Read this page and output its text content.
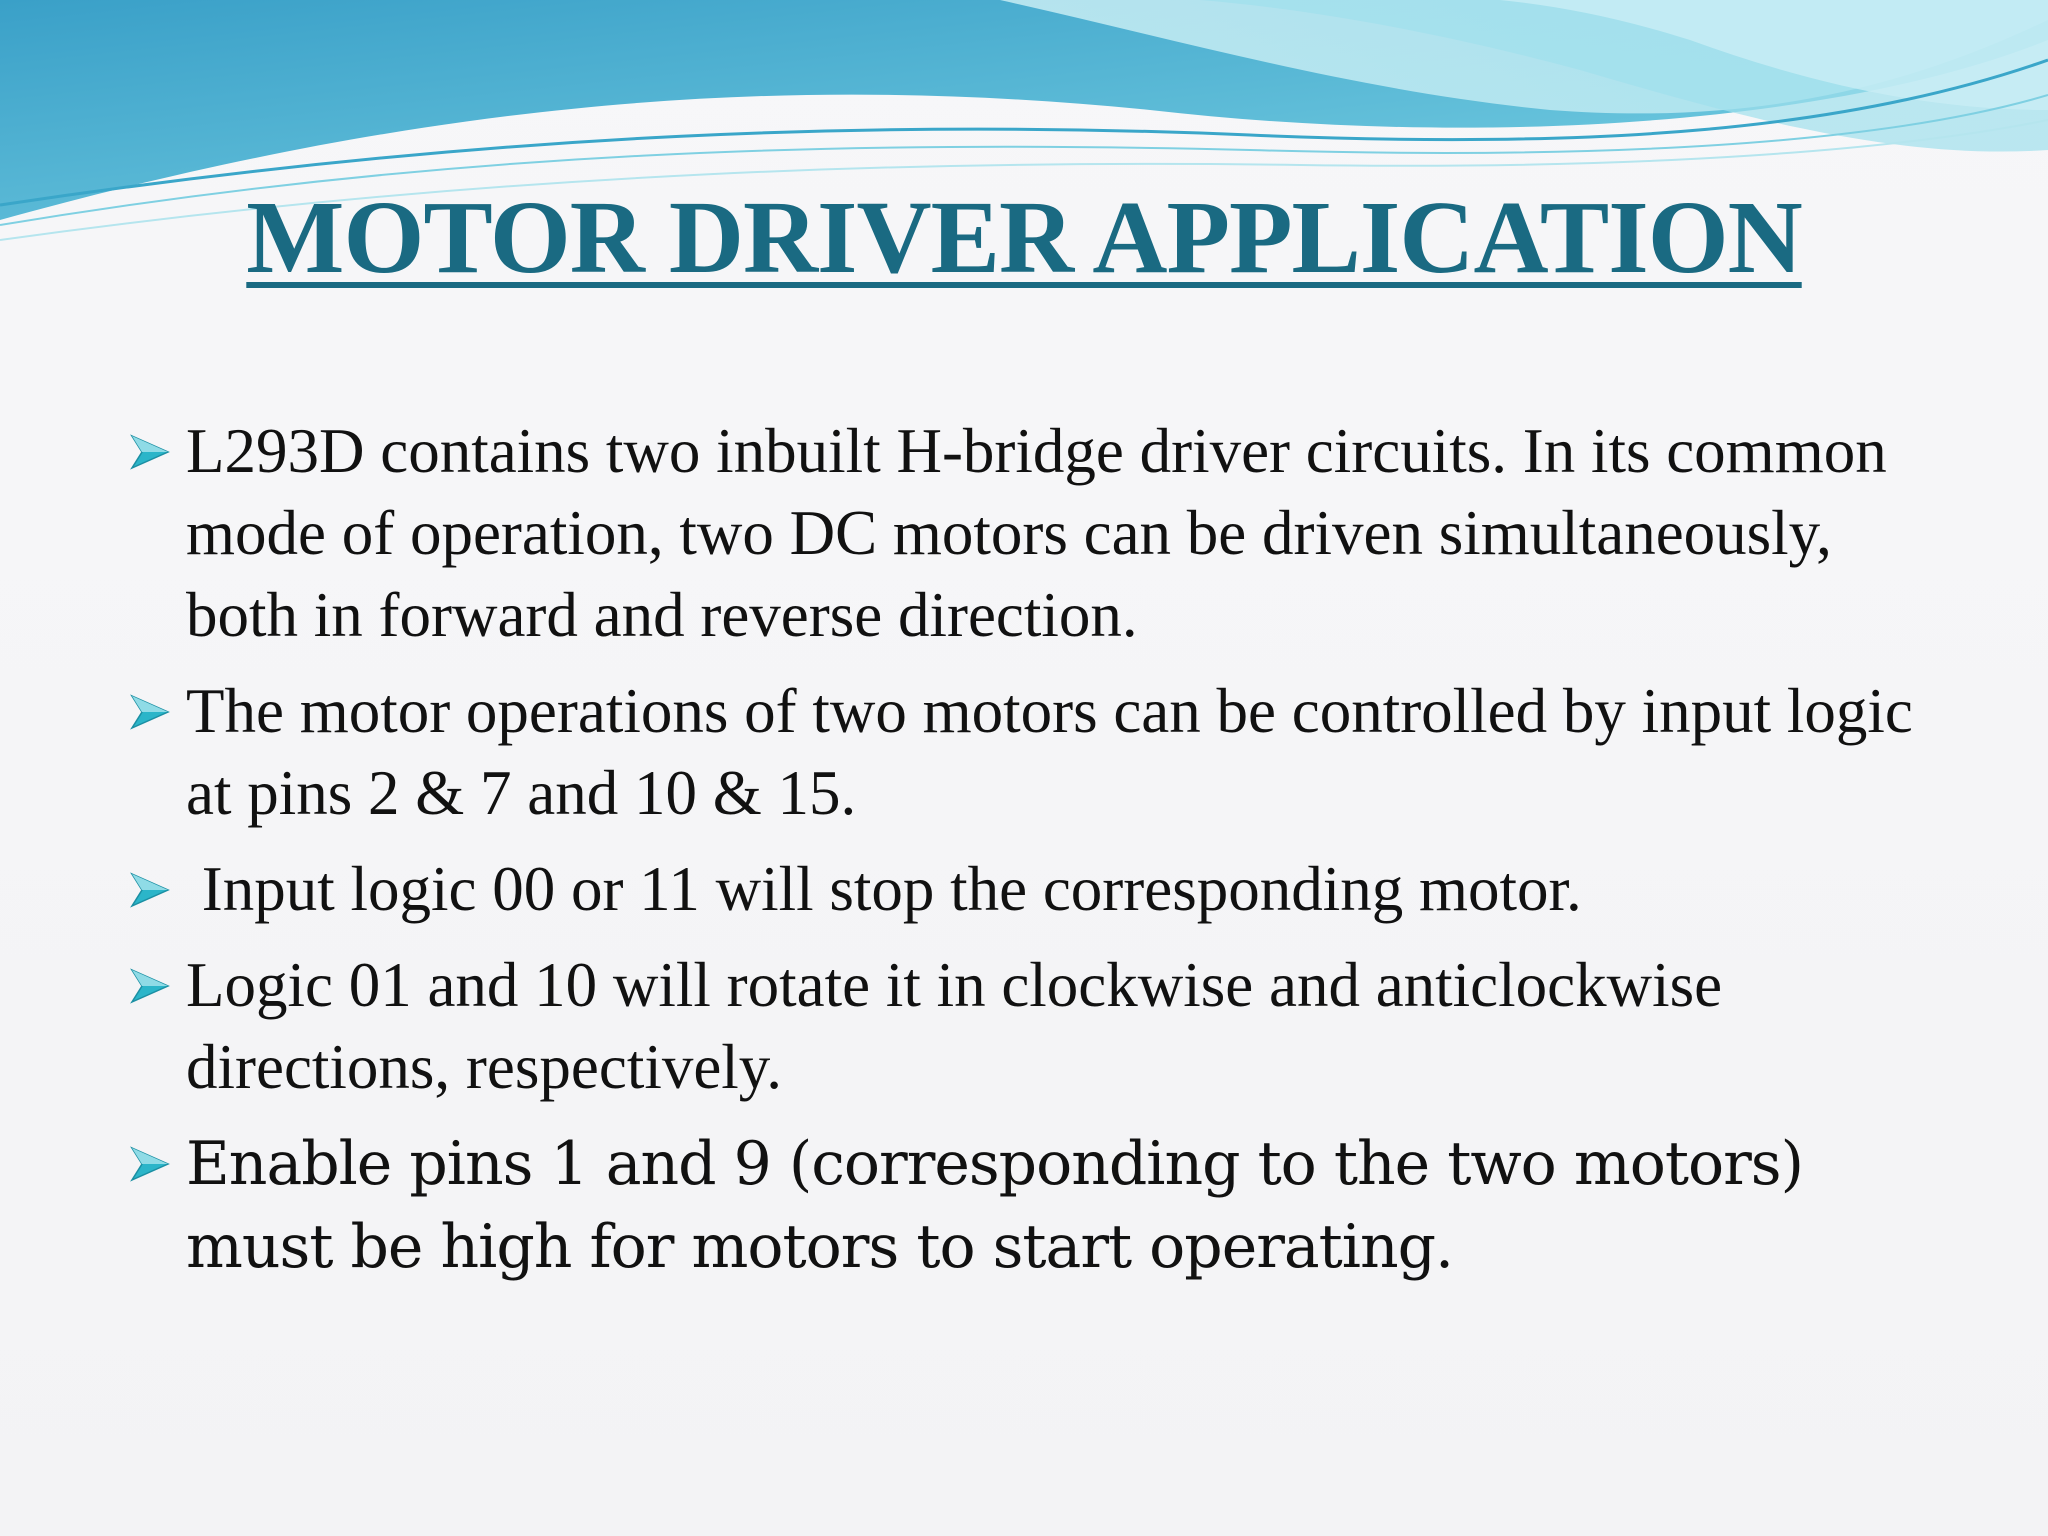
MOTOR DRIVER APPLICATION
L293D contains two inbuilt H-bridge driver circuits. In its common mode of operation, two DC motors can be driven simultaneously, both in forward and reverse direction.
The motor operations of two motors can be controlled by input logic at pins 2 & 7 and 10 & 15.
Input logic 00 or 11 will stop the corresponding motor.
Logic 01 and 10 will rotate it in clockwise and anticlockwise directions, respectively.
Enable pins 1 and 9 (corresponding to the two motors) must be high for motors to start operating.
